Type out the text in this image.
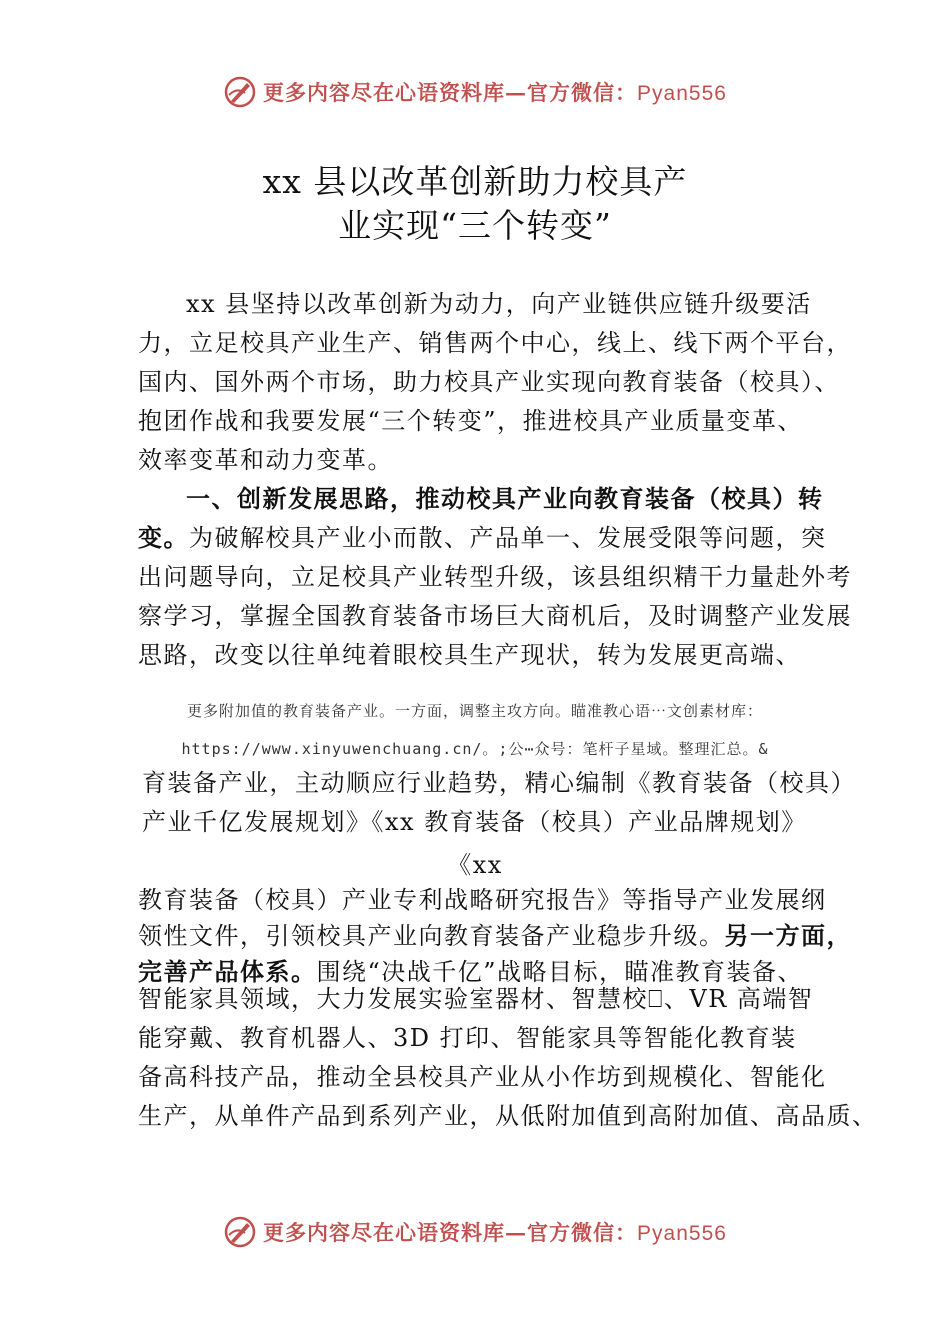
更多内容尽在心语资料库—官方微信：Pyan556
xx 县以改革创新助力校具产
业实现“三个转变”
xx 县坚持以改革创新为动力，向产业链供应链升级要活
力，立足校具产业生产、销售两个中心，线上、线下两个平台，
国内、国外两个市场，助力校具产业实现向教育装备（校具）、
抱团作战和我要发展“三个转变”，推进校具产业质量变革、
效率变革和动力变革。
一、创新发展思路，推动校具产业向教育装备（校具）转
变。为破解校具产业小而散、产品单一、发展受限等问题，突
出问题导向，立足校具产业转型升级，该县组织精干力量赴外考
察学习，掌握全国教育装备市场巨大商机后，及时调整产业发展
思路，改变以往单纯着眼校具生产现状，转为发展更高端、
更多附加值的教育装备产业。一方面，调整主攻方向。瞄准教心语⋯文创素材库：
https://www.xinyuwenchuang.cn/。;公⋯众号：笔杆子星域。整理汇总。&
育装备产业，主动顺应行业趋势，精心编制《教育装备（校具）
产业千亿发展规划》《xx 教育装备（校具）产业品牌规划》
《xx
教育装备（校具）产业专利战略研究报告》等指导产业发展纲
领性文件，引领校具产业向教育装备产业稳步升级。另一方面，
完善产品体系。围绕“决战千亿”战略目标，瞄准教育装备、
智能家具领域，大力发展实验室器材、智慧校⎕、VR 高端智
能穿戴、教育机器人、3D 打印、智能家具等智能化教育装
备高科技产品，推动全县校具产业从小作坊到规模化、智能化
生产，从单件产品到系列产业，从低附加值到高附加值、高品质、
更多内容尽在心语资料库—官方微信：Pyan556
